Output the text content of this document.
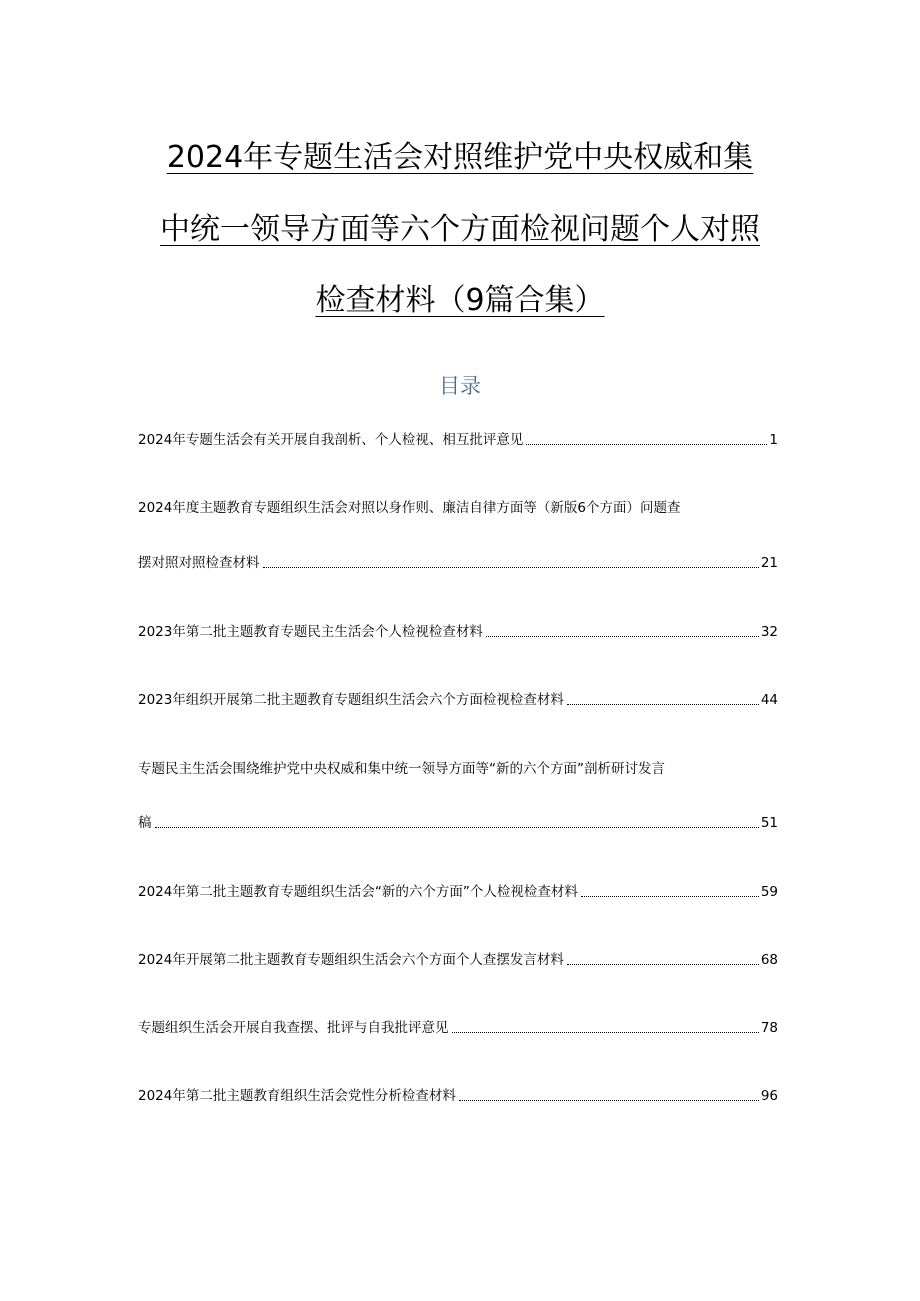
2024年专题生活会对照维护党中央权威和集
中统一领导方面等六个方面检视问题个人对照
检查材料（9篇合集）
目录
2024年专题生活会有关开展自我剖析、个人检视、相互批评意见	1
2024年度主题教育专题组织生活会对照以身作则、廉洁自律方面等（新版6个方面）问题查
摆对照对照检查材料	21
2023年第二批主题教育专题民主生活会个人检视检查材料	32
2023年组织开展第二批主题教育专题组织生活会六个方面检视检查材料	44
专题民主生活会围绕维护党中央权威和集中统一领导方面等“新的六个方面”剖析研讨发言
稿	51
2024年第二批主题教育专题组织生活会“新的六个方面”个人检视检查材料	59
2024年开展第二批主题教育专题组织生活会六个方面个人查摆发言材料	68
专题组织生活会开展自我查摆、批评与自我批评意见	78
2024年第二批主题教育组织生活会党性分析检查材料	96
